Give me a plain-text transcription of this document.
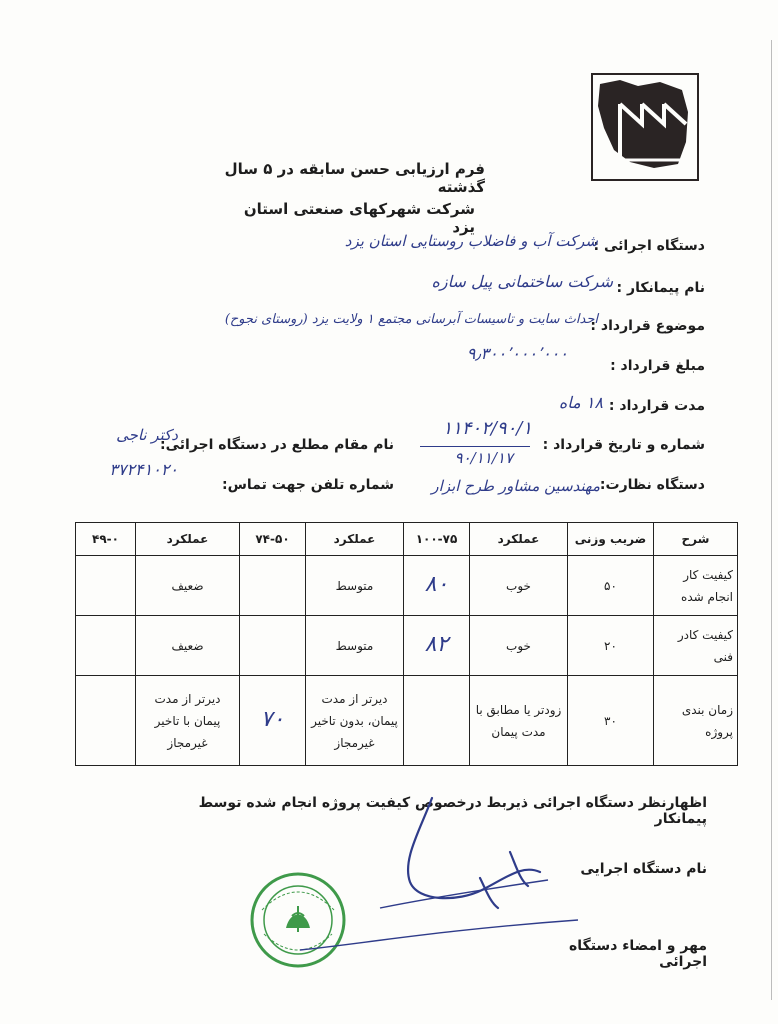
فرم ارزیابی حسن سابقه در ۵ سال گذشته
شرکت شهرکهای صنعتی استان یزد
دستگاه اجرائی :
شرکت آب و فاضلاب روستایی استان یزد
نام پیمانکار :
شرکت ساختمانی پیل سازه
موضوع قرارداد :
احداث سایت و تاسیسات آبرسانی مجتمع ۱ ولایت یزد (روستای نجوح)
مبلغ قرارداد :
۹٫۳۰۰٬۰۰۰٬۰۰۰
مدت قرارداد :
۱۸ ماه
شماره و تاریخ قرارداد :
۱۱۴۰۲/۹۰/۱
۹۰/۱۱/۱۷
نام مقام مطلع در دستگاه اجرائی:
دکتر ناجی
شماره تلفن جهت تماس:
۳۷۲۴۱۰۲۰
دستگاه نظارت:
مهندسین مشاور طرح ابزار
شرح	ضریب وزنی	عملکرد	۱۰۰-۷۵	عملکرد	۷۴-۵۰	عملکرد	۴۹-۰
کیفیت کار انجام شده	۵۰	خوب	۸۰	متوسط		ضعیف	
کیفیت کادر فنی	۲۰	خوب	۸۲	متوسط		ضعیف	
زمان بندی پروژه	۳۰	زودتر یا مطابق با مدت پیمان		دیرتر از مدت پیمان، بدون تاخیر غیرمجاز	۷۰	دیرتر از مدت پیمان با تاخیر غیرمجاز	
اظهارنظر دستگاه اجرائی ذیربط درخصوص کیفیت پروژه انجام شده توسط پیمانکار
نام دستگاه اجرایی
مهر و امضاء دستگاه اجرائی
